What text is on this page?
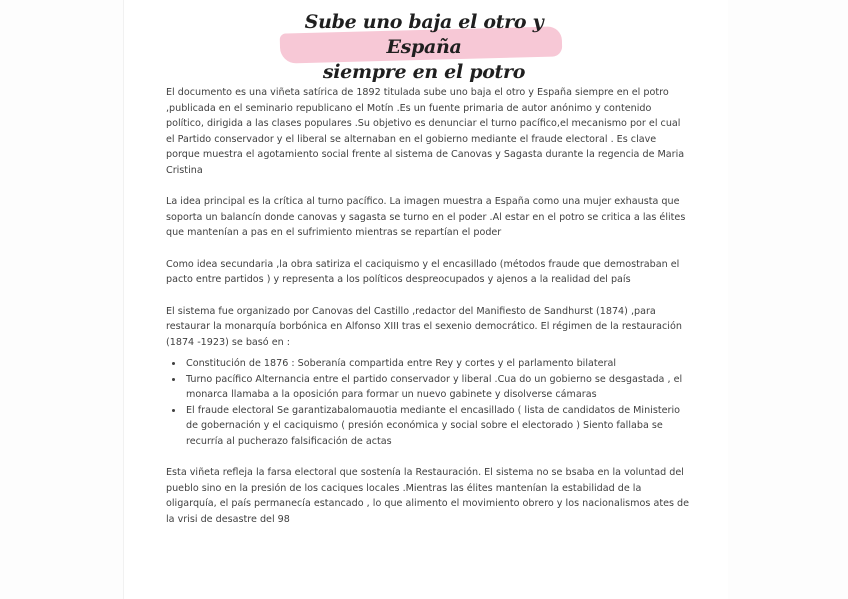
Sube uno baja el otro y España
siempre en el potro

El documento es una viñeta satírica de 1892 titulada sube uno baja el otro y España siempre en el potro ,publicada en el seminario republicano el Motín .Es un fuente primaria de autor anónimo y contenido político, dirigida a las clases populares .Su objetivo es denunciar el turno pacífico,el mecanismo por el cual el Partido conservador y el liberal se alternaban en el gobierno mediante el fraude electoral . Es clave porque muestra el agotamiento social frente al sistema de Canovas y Sagasta durante la regencia de Maria Cristina

La idea principal es la crítica al turno pacífico. La imagen muestra a España como una mujer exhausta que soporta un balancín donde canovas y sagasta se turno en el poder .Al estar en el potro se critica a las élites que mantenían a pas en el sufrimiento mientras se repartían el poder

Como idea secundaria ,la obra satiriza el caciquismo y el encasillado (métodos fraude que demostraban el pacto entre partidos ) y representa a los políticos despreocupados y ajenos a la realidad del país

El sistema fue organizado por Canovas del Castillo ,redactor del Manifiesto de Sandhurst (1874) ,para restaurar la monarquía borbónica en Alfonso XIII tras el sexenio democrático. El régimen de la restauración (1874 -1923) se basó en :

• Constitución de 1876 : Soberanía compartida entre Rey y cortes y el parlamento bilateral
• Turno pacífico Alternancia entre el partido conservador y liberal .Cua do un gobierno se desgastada , el monarca llamaba a la oposición para formar un nuevo gabinete y disolverse cámaras
• El fraude electoral Se garantizabalomauotia mediante el encasillado ( lista de candidatos de Ministerio de gobernación y el caciquismo ( presión económica y social sobre el electorado ) Siento fallaba se recurría al pucherazo falsificación de actas

Esta viñeta refleja la farsa electoral que sostenía la Restauración. El sistema no se bsaba en la voluntad del pueblo sino en la presión de los caciques locales .Mientras las élites mantenían la estabilidad de la oligarquía, el país permanecía estancado , lo que alimento el movimiento obrero y los nacionalismos ates de la vrisi de desastre del 98
